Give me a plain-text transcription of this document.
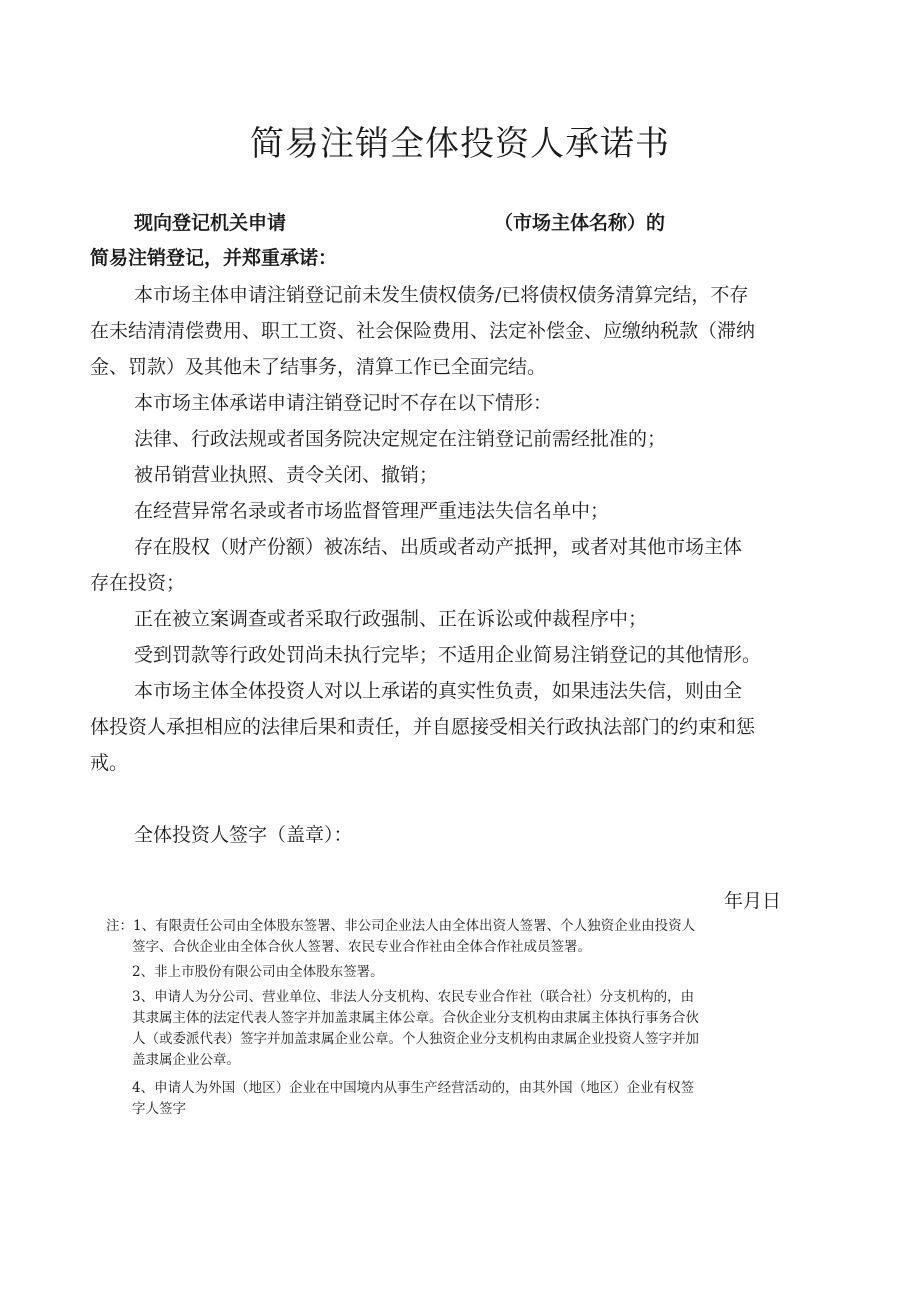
简易注销全体投资人承诺书
现向登记机关申请	（市场主体名称）的
简易注销登记，并郑重承诺：
本市场主体申请注销登记前未发生债权债务/已将债权债务清算完结，不存
在未结清清偿费用、职工工资、社会保险费用、法定补偿金、应缴纳税款（滞纳
金、罚款）及其他未了结事务，清算工作已全面完结。
本市场主体承诺申请注销登记时不存在以下情形：
法律、行政法规或者国务院决定规定在注销登记前需经批准的；
被吊销营业执照、责令关闭、撤销；
在经营异常名录或者市场监督管理严重违法失信名单中；
存在股权（财产份额）被冻结、出质或者动产抵押，或者对其他市场主体
存在投资；
正在被立案调查或者采取行政强制、正在诉讼或仲裁程序中；
受到罚款等行政处罚尚未执行完毕；不适用企业简易注销登记的其他情形。
本市场主体全体投资人对以上承诺的真实性负责，如果违法失信，则由全
体投资人承担相应的法律后果和责任，并自愿接受相关行政执法部门的约束和惩
戒。
全体投资人签字（盖章）：
年月日
注：1、有限责任公司由全体股东签署、非公司企业法人由全体出资人签署、个人独资企业由投资人
签字、合伙企业由全体合伙人签署、农民专业合作社由全体合作社成员签署。
2、非上市股份有限公司由全体股东签署。
3、申请人为分公司、营业单位、非法人分支机构、农民专业合作社（联合社）分支机构的，由
其隶属主体的法定代表人签字并加盖隶属主体公章。合伙企业分支机构由隶属主体执行事务合伙
人（或委派代表）签字并加盖隶属企业公章。个人独资企业分支机构由隶属企业投资人签字并加
盖隶属企业公章。
4、申请人为外国（地区）企业在中国境内从事生产经营活动的，由其外国（地区）企业有权签
字人签字
